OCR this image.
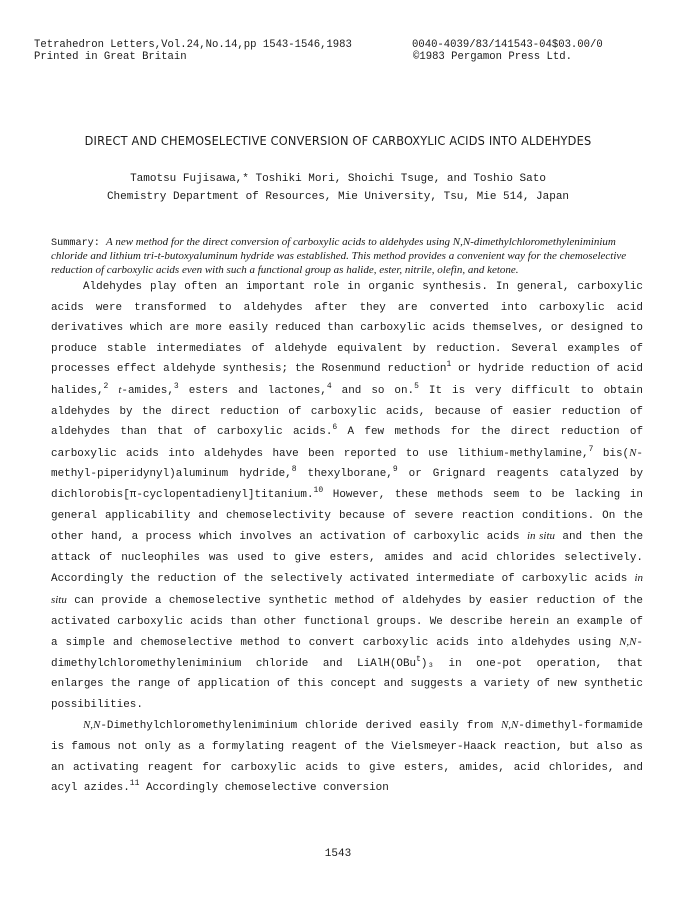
Tetrahedron Letters,Vol.24,No.14,pp 1543-1546,1983
Printed in Great Britain
0040-4039/83/141543-04$03.00/0
©1983 Pergamon Press Ltd.
DIRECT AND CHEMOSELECTIVE CONVERSION OF CARBOXYLIC ACIDS INTO ALDEHYDES
Tamotsu Fujisawa,* Toshiki Mori, Shoichi Tsuge, and Toshio Sato
Chemistry Department of Resources, Mie University, Tsu, Mie 514, Japan
Summary: A new method for the direct conversion of carboxylic acids to aldehydes using N,N-dimethylchloromethyleniminium chloride and lithium tri-t-butoxyaluminum hydride was established. This method provides a convenient way for the chemoselective reduction of carboxylic acids even with such a functional group as halide, ester, nitrile, olefin, and ketone.

Aldehydes play often an important role in organic synthesis. In general, carboxylic acids were transformed to aldehydes after they are converted into carboxylic acid derivatives which are more easily reduced than carboxylic acids themselves, or designed to produce stable intermediates of aldehyde equivalent by reduction. Several examples of processes effect aldehyde synthesis; the Rosenmund reduction$^1$ or hydride reduction of acid halides,$^2$ t-amides,$^3$ esters and lactones,$^4$ and so on.$^5$ It is very difficult to obtain aldehydes by the direct reduction of carboxylic acids, because of easier reduction of aldehydes than that of carboxylic acids.$^6$ A few methods for the direct reduction of carboxylic acids into aldehydes have been reported to use lithium-methylamine,$^7$ bis(N-methyl-piperidynyl)aluminum hydride,$^8$ thexylborane,$^9$ or Grignard reagents catalyzed by dichlorobis[π-cyclopentadienyl]titanium.$^{10}$ However, these methods seem to be lacking in general applicability and chemoselectivity because of severe reaction conditions. On the other hand, a process which involves an activation of carboxylic acids in situ and then the attack of nucleophiles was used to give esters, amides and acid chlorides selectively. Accordingly the reduction of the selectively activated intermediate of carboxylic acids in situ can provide a chemoselective synthetic method of aldehydes by easier reduction of the activated carboxylic acids than other functional groups. We describe herein an example of a simple and chemoselective method to convert carboxylic acids into aldehydes using N,N-dimethylchloromethyleniminium chloride and LiAlH(OBu$^t$)₃ in one-pot operation, that enlarges the range of application of this concept and suggests a variety of new synthetic possibilities.

N,N-Dimethylchloromethyleniminium chloride derived easily from N,N-dimethyl-formamide is famous not only as a formylating reagent of the Vielsmeyer-Haack reaction, but also as an activating reagent for carboxylic acids to give esters, amides, acid chlorides, and acyl azides.$^{11}$ Accordingly chemoselective conversion

1543
